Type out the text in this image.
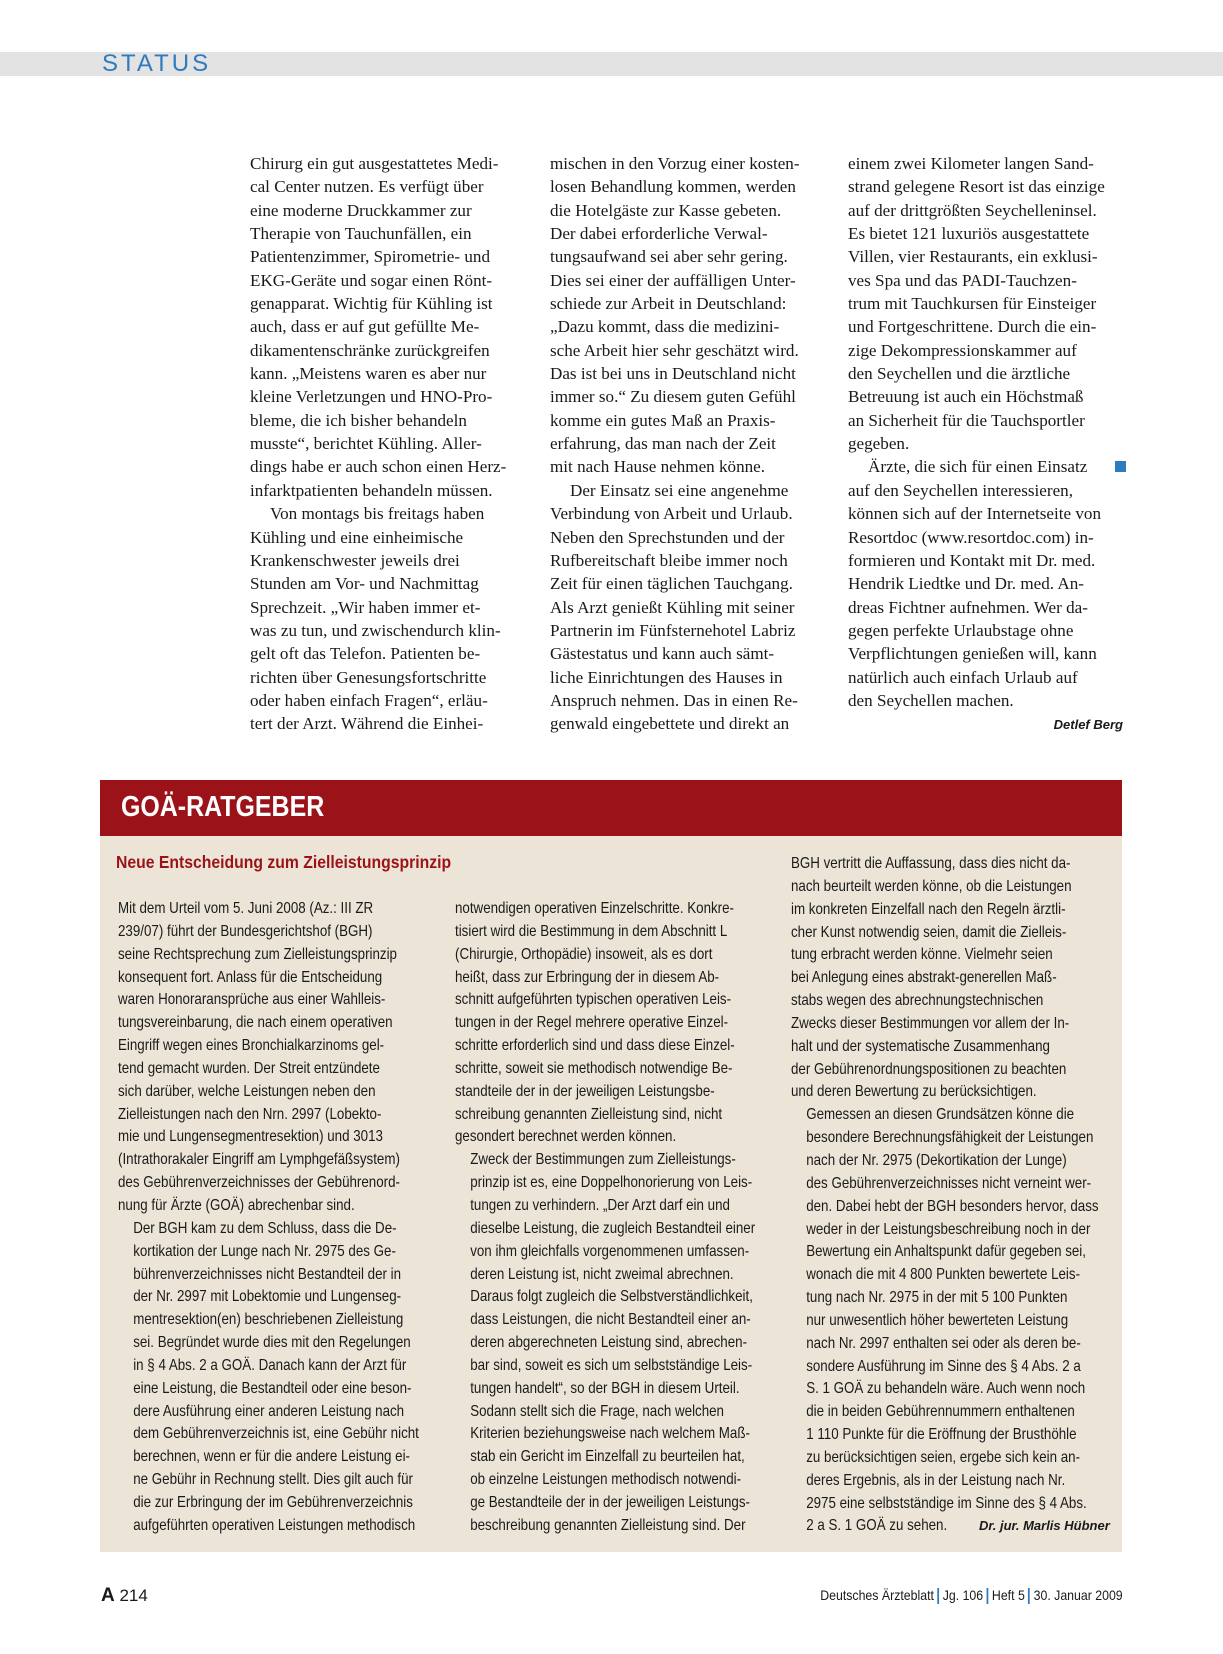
STATUS

Chirurg ein gut ausgestattetes Medi-
cal Center nutzen. Es verfügt über
eine moderne Druckkammer zur
Therapie von Tauchunfällen, ein
Patientenzimmer, Spirometrie- und
EKG-Geräte und sogar einen Rönt-
genapparat. Wichtig für Kühling ist
auch, dass er auf gut gefüllte Me-
dikamentenschränke zurückgreifen
kann. „Meistens waren es aber nur
kleine Verletzungen und HNO-Pro-
bleme, die ich bisher behandeln
musste“, berichtet Kühling. Aller-
dings habe er auch schon einen Herz-
infarktpatienten behandeln müssen.

Von montags bis freitags haben
Kühling und eine einheimische
Krankenschwester jeweils drei
Stunden am Vor- und Nachmittag
Sprechzeit. „Wir haben immer et-
was zu tun, und zwischendurch klin-
gelt oft das Telefon. Patienten be-
richten über Genesungsfortschritte
oder haben einfach Fragen“, erläu-
tert der Arzt. Während die Einhei-

mischen in den Vorzug einer kosten-
losen Behandlung kommen, werden
die Hotelgäste zur Kasse gebeten.
Der dabei erforderliche Verwal-
tungsaufwand sei aber sehr gering.
Dies sei einer der auffälligen Unter-
schiede zur Arbeit in Deutschland:
„Dazu kommt, dass die medizini-
sche Arbeit hier sehr geschätzt wird.
Das ist bei uns in Deutschland nicht
immer so.“ Zu diesem guten Gefühl
komme ein gutes Maß an Praxis-
erfahrung, das man nach der Zeit
mit nach Hause nehmen könne.

Der Einsatz sei eine angenehme
Verbindung von Arbeit und Urlaub.
Neben den Sprechstunden und der
Rufbereitschaft bleibe immer noch
Zeit für einen täglichen Tauchgang.
Als Arzt genießt Kühling mit seiner
Partnerin im Fünfsternehotel Labriz
Gästestatus und kann auch sämt-
liche Einrichtungen des Hauses in
Anspruch nehmen. Das in einen Re-
genwald eingebettete und direkt an

einem zwei Kilometer langen Sand-
strand gelegene Resort ist das einzige
auf der drittgrößten Seychelleninsel.
Es bietet 121 luxuriös ausgestattete
Villen, vier Restaurants, ein exklusi-
ves Spa und das PADI-Tauchzen-
trum mit Tauchkursen für Einsteiger
und Fortgeschrittene. Durch die ein-
zige Dekompressionskammer auf
den Seychellen und die ärztliche
Betreuung ist auch ein Höchstmaß
an Sicherheit für die Tauchsportler
gegeben.

Ärzte, die sich für einen Einsatz
auf den Seychellen interessieren,
können sich auf der Internetseite von
Resortdoc (www.resortdoc.com) in-
formieren und Kontakt mit Dr. med.
Hendrik Liedtke und Dr. med. An-
dreas Fichtner aufnehmen. Wer da-
gegen perfekte Urlaubstage ohne
Verpflichtungen genießen will, kann
natürlich auch einfach Urlaub auf
den Seychellen machen.

Detlef Berg
GOÄ-RATGEBER
Neue Entscheidung zum Zielleistungsprinzip

Mit dem Urteil vom 5. Juni 2008 (Az.: III ZR
239/07) führt der Bundesgerichtshof (BGH)
seine Rechtsprechung zum Zielleistungsprinzip
konsequent fort. Anlass für die Entscheidung
waren Honoraransprüche aus einer Wahlleis-
tungsvereinbarung, die nach einem operativen
Eingriff wegen eines Bronchialkarzinoms gel-
tend gemacht wurden. Der Streit entzündete
sich darüber, welche Leistungen neben den
Zielleistungen nach den Nrn. 2997 (Lobekto-
mie und Lungensegmentresektion) und 3013
(Intrathorakaler Eingriff am Lymphgefäßsystem)
des Gebührenverzeichnisses der Gebührenord-
nung für Ärzte (GOÄ) abrechenbar sind.

Der BGH kam zu dem Schluss, dass die De-
kortikation der Lunge nach Nr. 2975 des Ge-
bührenverzeichnisses nicht Bestandteil der in
der Nr. 2997 mit Lobektomie und Lungenseg-
mentresektion(en) beschriebenen Zielleistung
sei. Begründet wurde dies mit den Regelungen
in § 4 Abs. 2 a GOÄ. Danach kann der Arzt für
eine Leistung, die Bestandteil oder eine beson-
dere Ausführung einer anderen Leistung nach
dem Gebührenverzeichnis ist, eine Gebühr nicht
berechnen, wenn er für die andere Leistung ei-
ne Gebühr in Rechnung stellt. Dies gilt auch für
die zur Erbringung der im Gebührenverzeichnis
aufgeführten operativen Leistungen methodisch

notwendigen operativen Einzelschritte. Konkre-
tisiert wird die Bestimmung in dem Abschnitt L
(Chirurgie, Orthopädie) insoweit, als es dort
heißt, dass zur Erbringung der in diesem Ab-
schnitt aufgeführten typischen operativen Leis-
tungen in der Regel mehrere operative Einzel-
schritte erforderlich sind und dass diese Einzel-
schritte, soweit sie methodisch notwendige Be-
standteile der in der jeweiligen Leistungsbe-
schreibung genannten Zielleistung sind, nicht
gesondert berechnet werden können.

Zweck der Bestimmungen zum Zielleistungs-
prinzip ist es, eine Doppelhonorierung von Leis-
tungen zu verhindern. „Der Arzt darf ein und
dieselbe Leistung, die zugleich Bestandteil einer
von ihm gleichfalls vorgenommenen umfassen-
deren Leistung ist, nicht zweimal abrechnen.
Daraus folgt zugleich die Selbstverständlichkeit,
dass Leistungen, die nicht Bestandteil einer an-
deren abgerechneten Leistung sind, abrechen-
bar sind, soweit es sich um selbstständige Leis-
tungen handelt“, so der BGH in diesem Urteil.

Sodann stellt sich die Frage, nach welchen
Kriterien beziehungsweise nach welchem Maß-
stab ein Gericht im Einzelfall zu beurteilen hat,
ob einzelne Leistungen methodisch notwendi-
ge Bestandteile der in der jeweiligen Leistungs-
beschreibung genannten Zielleistung sind. Der

BGH vertritt die Auffassung, dass dies nicht da-
nach beurteilt werden könne, ob die Leistungen
im konkreten Einzelfall nach den Regeln ärztli-
cher Kunst notwendig seien, damit die Zielleis-
tung erbracht werden könne. Vielmehr seien
bei Anlegung eines abstrakt-generellen Maß-
stabs wegen des abrechnungstechnischen
Zwecks dieser Bestimmungen vor allem der In-
halt und der systematische Zusammenhang
der Gebührenordnungspositionen zu beachten
und deren Bewertung zu berücksichtigen.

Gemessen an diesen Grundsätzen könne die
besondere Berechnungsfähigkeit der Leistungen
nach der Nr. 2975 (Dekortikation der Lunge)
des Gebührenverzeichnisses nicht verneint wer-
den. Dabei hebt der BGH besonders hervor, dass
weder in der Leistungsbeschreibung noch in der
Bewertung ein Anhaltspunkt dafür gegeben sei,
wonach die mit 4 800 Punkten bewertete Leis-
tung nach Nr. 2975 in der mit 5 100 Punkten
nur unwesentlich höher bewerteten Leistung
nach Nr. 2997 enthalten sei oder als deren be-
sondere Ausführung im Sinne des § 4 Abs. 2 a
S. 1 GOÄ zu behandeln wäre. Auch wenn noch
die in beiden Gebührennummern enthaltenen
1 110 Punkte für die Eröffnung der Brusthöhle
zu berücksichtigen seien, ergebe sich kein an-
deres Ergebnis, als in der Leistung nach Nr.
2975 eine selbstständige im Sinne des § 4 Abs.
2 a S. 1 GOÄ zu sehen.	Dr. jur. Marlis Hübner
A 214	Deutsches Ärzteblatt Jg. 106 Heft 5 30. Januar 2009
